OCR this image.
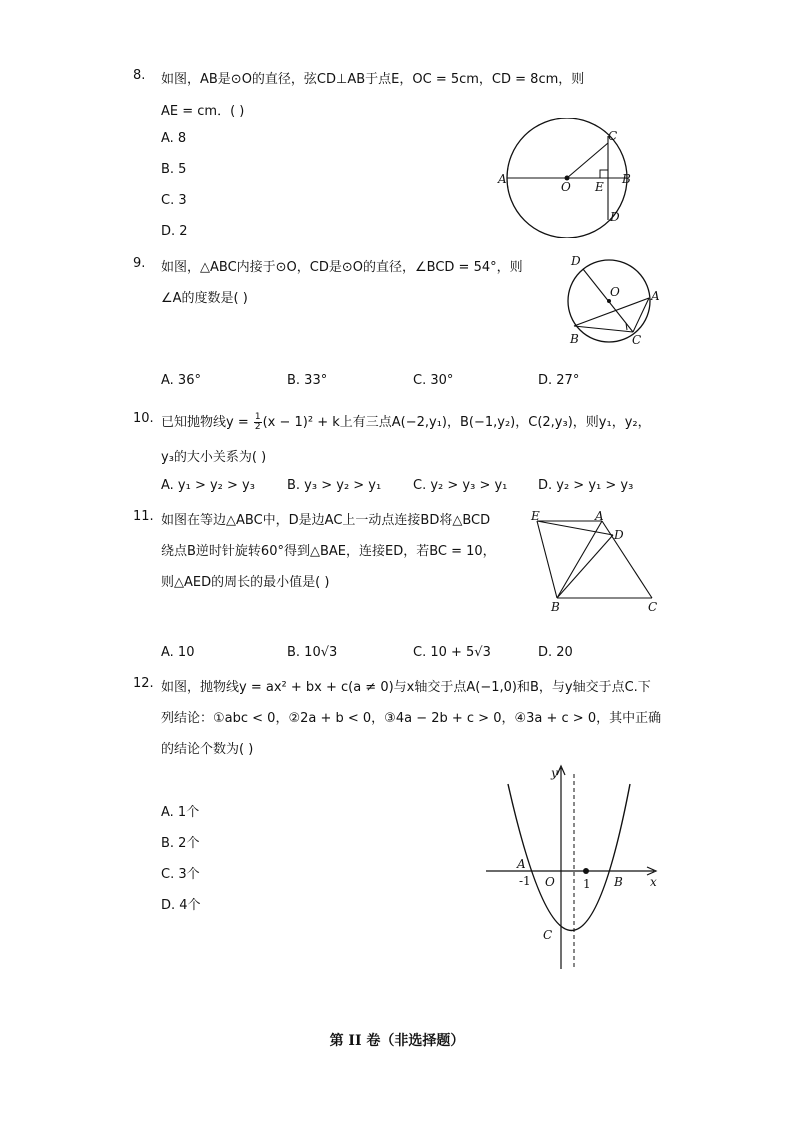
8. 如图，AB是⊙O的直径，弦CD⊥AB于点E，OC = 5cm，CD = 8cm，则
AE = cm．( )
A. 8
B. 5
C. 3
D. 2
A
O E
B
C
D
9. 如图，△ABC内接于⊙O，CD是⊙O的直径，∠BCD = 54°，则
∠A的度数是( )
A. 36°	B. 33°	C. 30°	D. 27°
D
O	A
B	C
10. 已知抛物线$y = \frac{1}{2} (x - 1)^2 + k$上有三点A(−2,y₁)，B(−1,y₂)，C(2,y₃)，则y₁，y₂，
y₃的大小关系为( )
A. y₁ > y₂ > y₃ B. y₃ > y₂ > y₁ C. y₂ > y₃ > y₁ D. y₂ > y₁ > y₃
11. 如图在等边△ABC中，D是边AC上一动点连接BD将△BCD
绕点B逆时针旋转60°得到△BAE，连接ED，若BC = 10，
则△AED的周长的最小值是( )
A. 10	B. 10√3	C. 10 + 5√3	D. 20
E	A
D
B	C
12. 如图，抛物线y = ax² + bx + c(a ≠ 0)与x轴交于点A(−1,0)和B，与y轴交于点C.下
列结论：①abc < 0，②2a + b < 0，③4a − 2b + c > 0，④3a + c > 0，其中正确
的结论个数为( )
A. 1个
B. 2个
C. 3个
D. 4个
y
x
A
-1 O 1 B
C
第 II 卷（非选择题）
